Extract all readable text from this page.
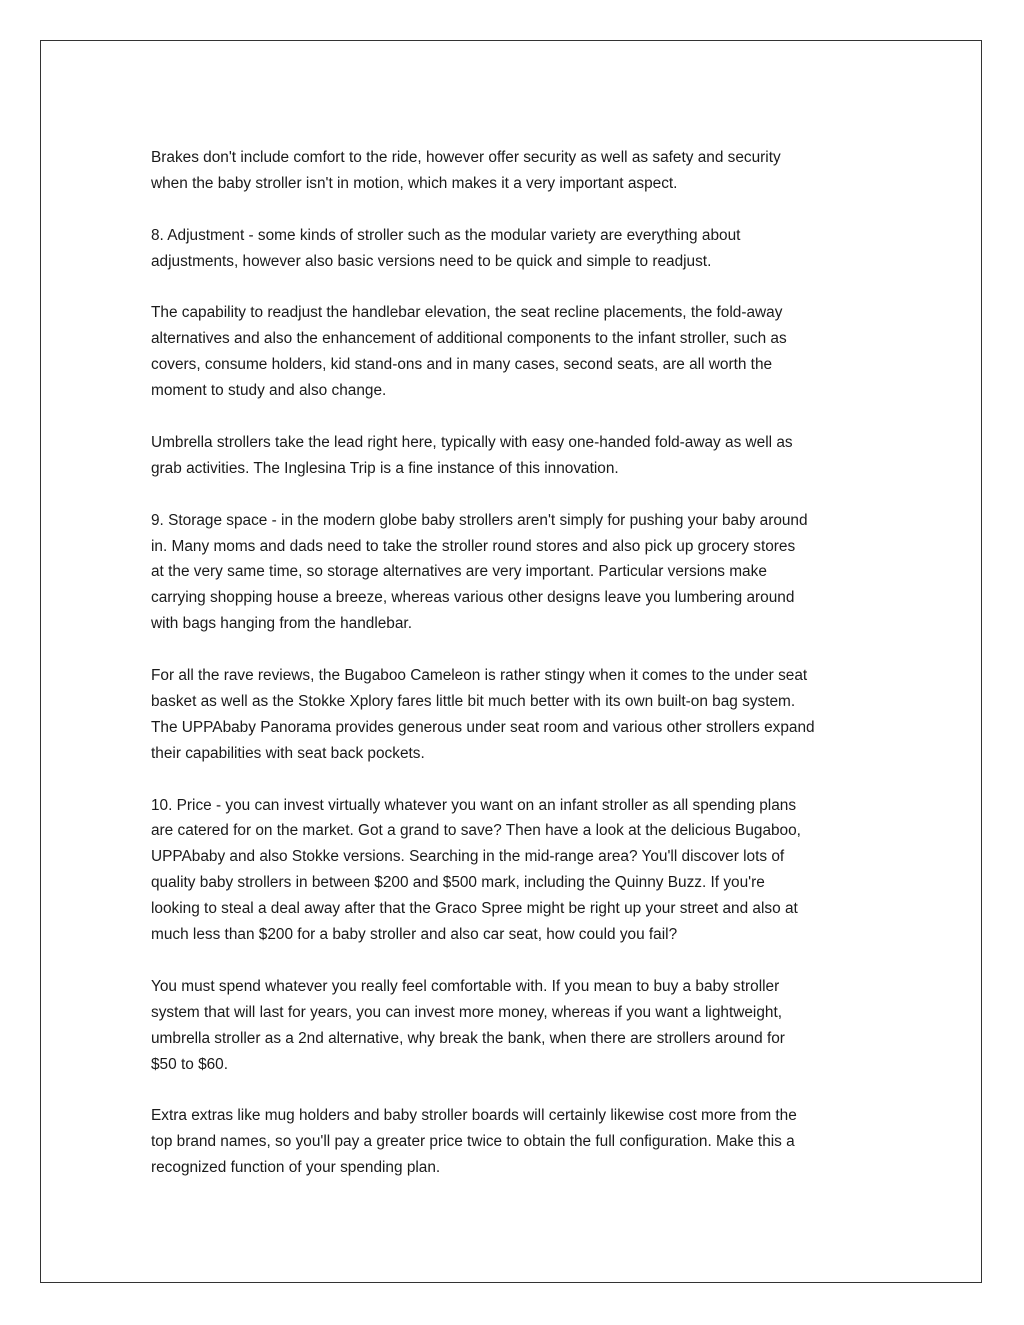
Brakes don't include comfort to the ride, however offer security as well as safety and security
when the baby stroller isn't in motion, which makes it a very important aspect.

8. Adjustment - some kinds of stroller such as the modular variety are everything about
adjustments, however also basic versions need to be quick and simple to readjust.

The capability to readjust the handlebar elevation, the seat recline placements, the fold-away
alternatives and also the enhancement of additional components to the infant stroller, such as
covers, consume holders, kid stand-ons and in many cases, second seats, are all worth the
moment to study and also change.

Umbrella strollers take the lead right here, typically with easy one-handed fold-away as well as
grab activities. The Inglesina Trip is a fine instance of this innovation.

9. Storage space - in the modern globe baby strollers aren't simply for pushing your baby around
in. Many moms and dads need to take the stroller round stores and also pick up grocery stores
at the very same time, so storage alternatives are very important. Particular versions make
carrying shopping house a breeze, whereas various other designs leave you lumbering around
with bags hanging from the handlebar.

For all the rave reviews, the Bugaboo Cameleon is rather stingy when it comes to the under seat
basket as well as the Stokke Xplory fares little bit much better with its own built-on bag system.
The UPPAbaby Panorama provides generous under seat room and various other strollers expand
their capabilities with seat back pockets.

10. Price - you can invest virtually whatever you want on an infant stroller as all spending plans
are catered for on the market. Got a grand to save? Then have a look at the delicious Bugaboo,
UPPAbaby and also Stokke versions. Searching in the mid-range area? You'll discover lots of
quality baby strollers in between $200 and $500 mark, including the Quinny Buzz. If you're
looking to steal a deal away after that the Graco Spree might be right up your street and also at
much less than $200 for a baby stroller and also car seat, how could you fail?

You must spend whatever you really feel comfortable with. If you mean to buy a baby stroller
system that will last for years, you can invest more money, whereas if you want a lightweight,
umbrella stroller as a 2nd alternative, why break the bank, when there are strollers around for
$50 to $60.

Extra extras like mug holders and baby stroller boards will certainly likewise cost more from the
top brand names, so you'll pay a greater price twice to obtain the full configuration. Make this a
recognized function of your spending plan.
